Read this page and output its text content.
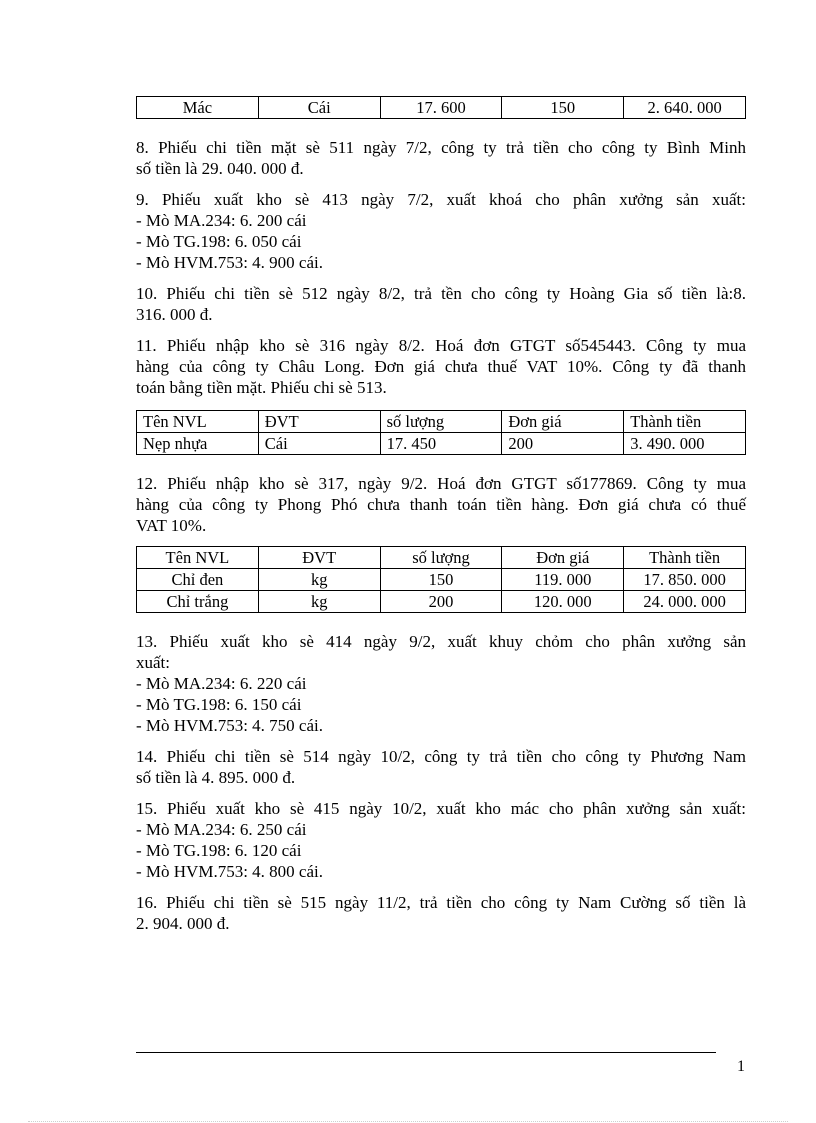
Mác	Cái	17. 600	150	2. 640. 000

8. Phiếu chi tiền mặt sè 511 ngày 7/2, công ty trả tiền cho công ty Bình Minh

số tiền là 29. 040. 000 đ.

9. Phiếu xuất kho sè 413 ngày 7/2, xuất khoá cho phân xưởng sản xuất:

- Mò MA.234: 6. 200 cái

- Mò TG.198: 6. 050 cái

- Mò HVM.753: 4. 900 cái.

10. Phiếu chi tiền sè 512 ngày 8/2, trả tền cho công ty Hoàng Gia số tiền là:8.

316. 000 đ.

11. Phiếu nhập kho sè 316 ngày 8/2. Hoá đơn GTGT số545443. Công ty mua

hàng của công ty Châu Long. Đơn giá chưa thuế VAT 10%. Công ty đã thanh

toán bằng tiền mặt. Phiếu chi sè 513.

Tên NVL	ĐVT	số lượng	Đơn giá	Thành tiền
Nẹp nhựa	Cái	17. 450	200	3. 490. 000

12. Phiếu nhập kho sè 317, ngày 9/2. Hoá đơn GTGT số177869. Công ty mua

hàng của công ty Phong Phó chưa thanh toán tiền hàng. Đơn giá chưa có thuế

VAT 10%.

Tên NVL	ĐVT	số lượng	Đơn giá	Thành tiền
Chỉ đen	kg	150	119. 000	17. 850. 000
Chỉ trắng	kg	200	120. 000	24. 000. 000

13. Phiếu xuất kho sè 414 ngày 9/2, xuất khuy chỏm cho phân xưởng sản

xuất:

- Mò MA.234: 6. 220 cái

- Mò TG.198: 6. 150 cái

- Mò HVM.753: 4. 750 cái.

14. Phiếu chi tiền sè 514 ngày 10/2, công ty trả tiền cho công ty Phương Nam

số tiền là 4. 895. 000 đ.

15. Phiếu xuất kho sè 415 ngày 10/2, xuất kho mác cho phân xưởng sản xuất:

- Mò MA.234: 6. 250 cái

- Mò TG.198: 6. 120 cái

- Mò HVM.753: 4. 800 cái.

16. Phiếu chi tiền sè 515 ngày 11/2, trả tiền cho công ty Nam Cường số tiền là

2. 904. 000 đ.

1
